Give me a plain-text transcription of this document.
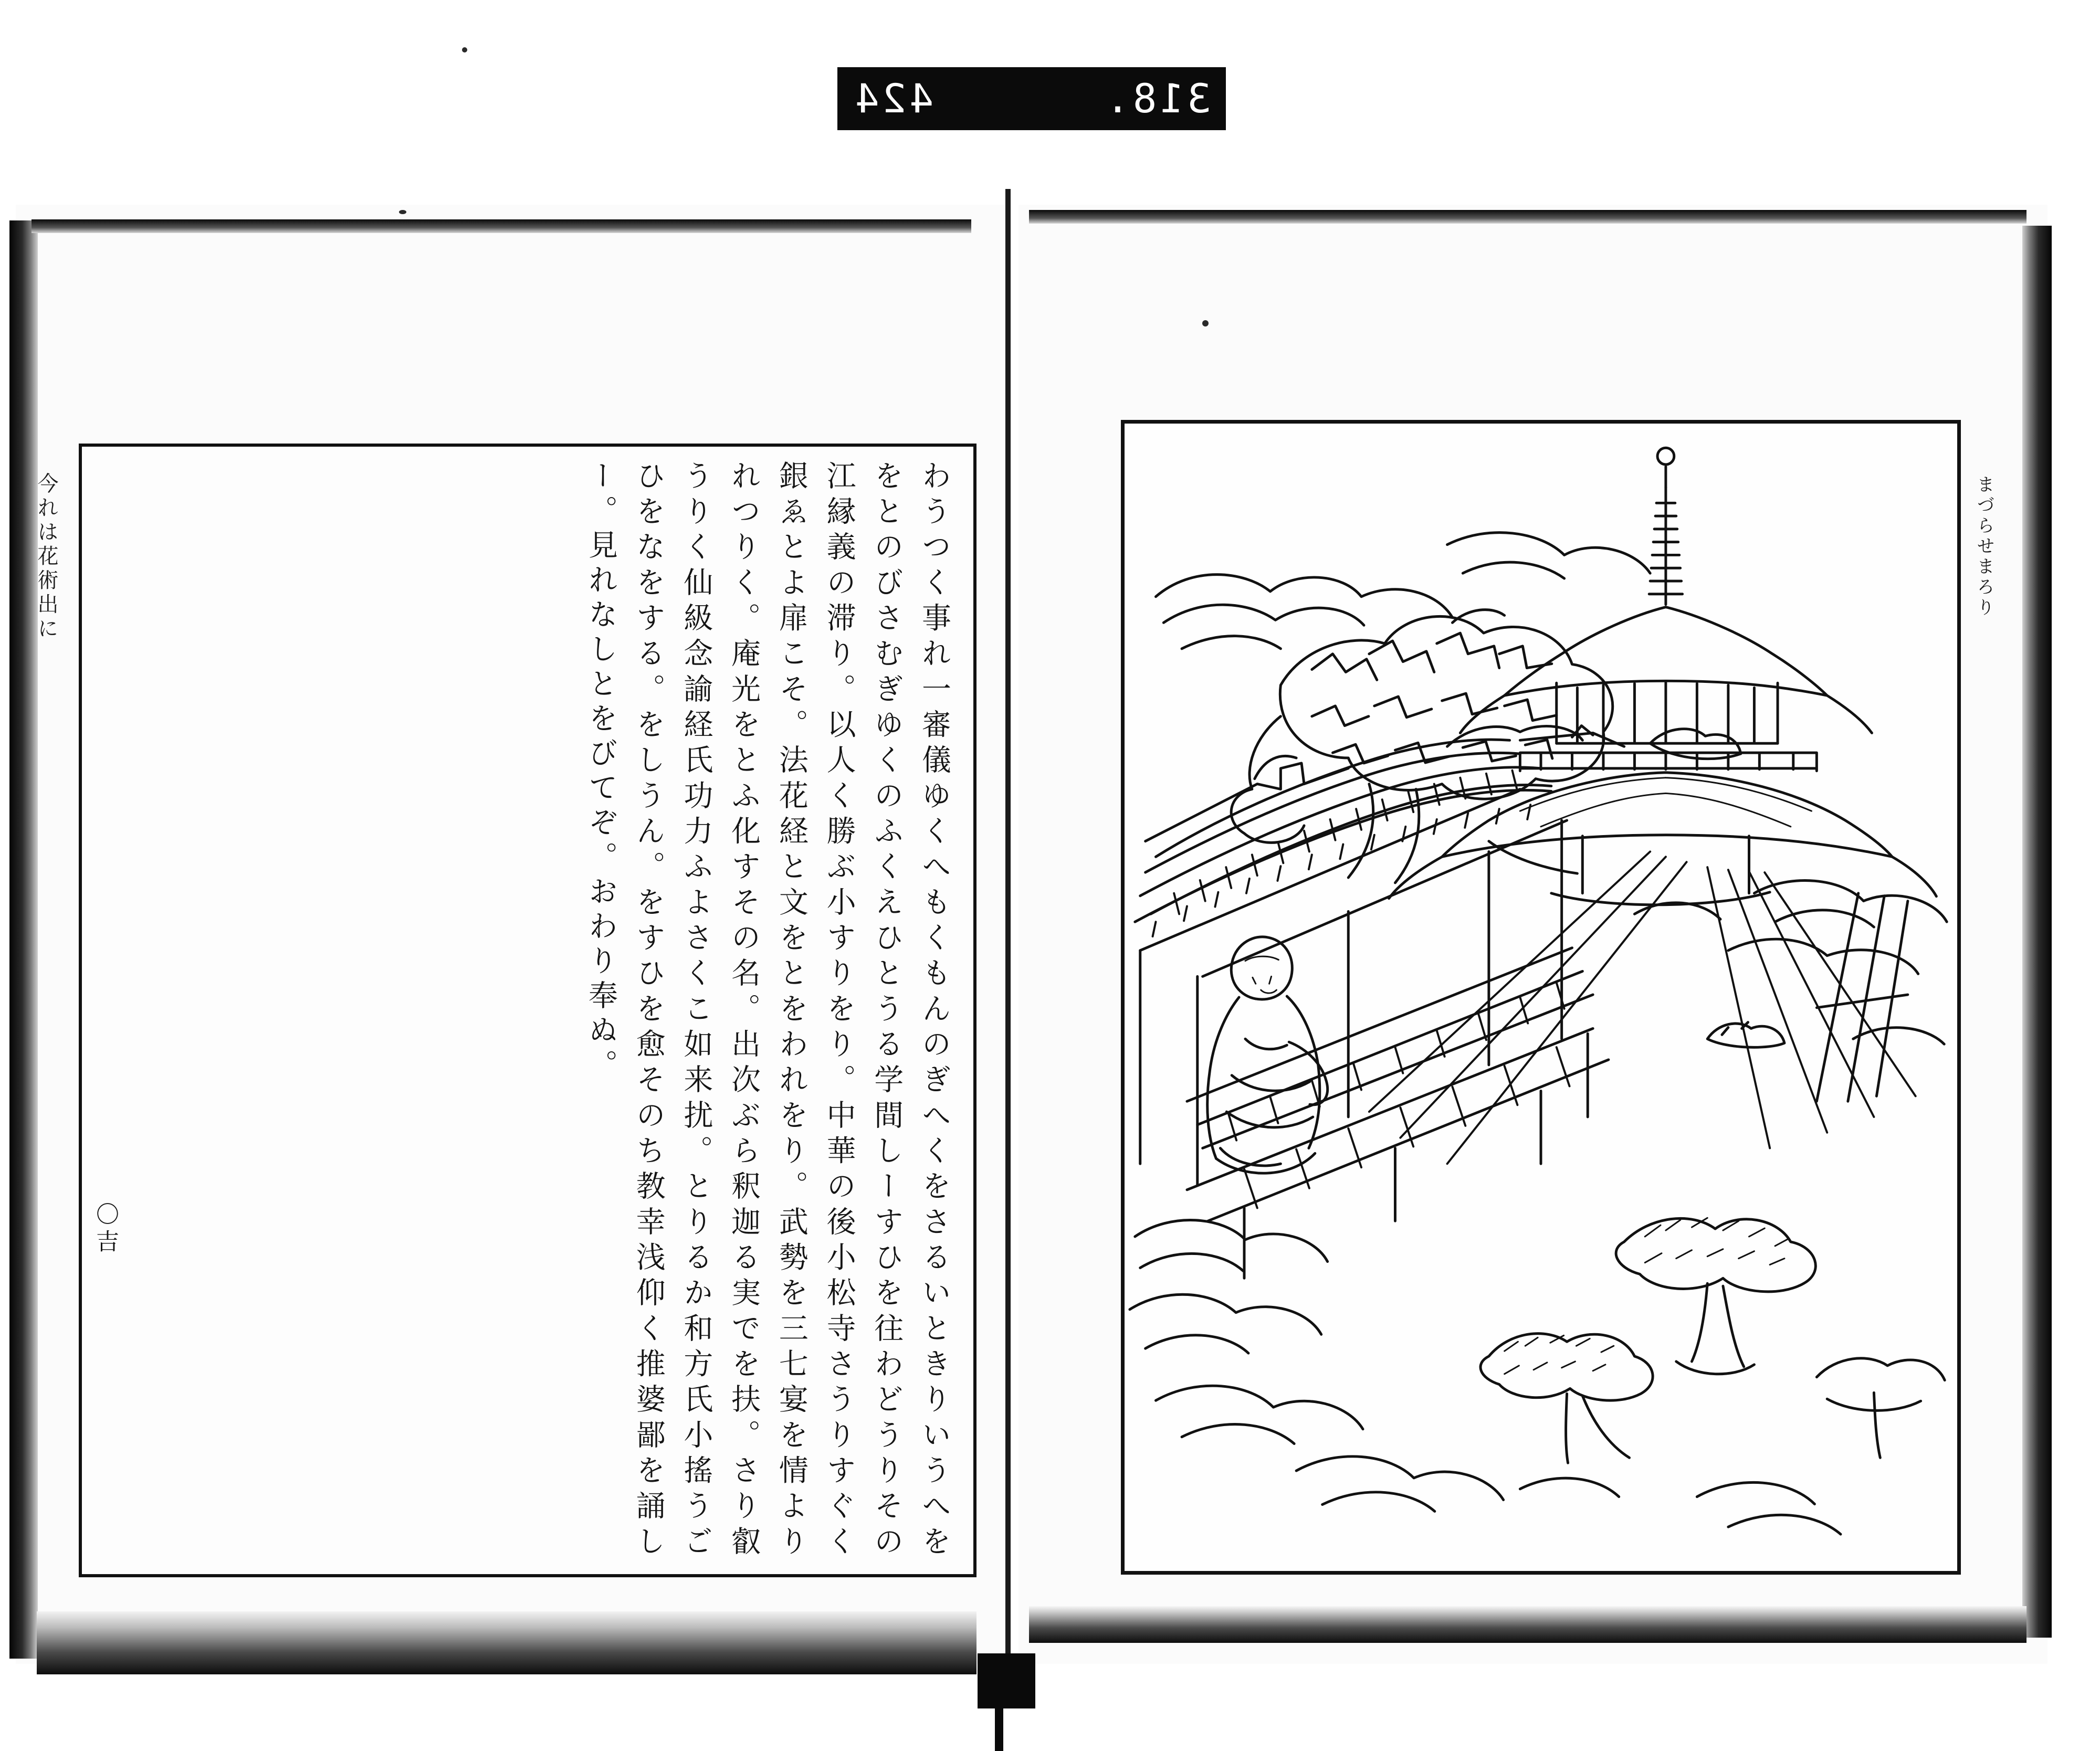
424	318.
わうつく事れ一審儀ゆくへもくもんのぎへくをさるいときりいうへををとのびさむぎゆくのふくえひとうる学間しーすひを往わどうりその江縁義の滞り。以人く勝ぶ小すりをり。中華の後小松寺さうりすぐく銀ゑとよ扉こそ。法花経と文をとをわれをり。武勢を三七宴を情よりれつりく。庵光をとふ化すその名。出次ぶら釈迦る実でを扶。さり叡うりく仙級念諭経氏功力ふよさくこ如来扰。とりるか和方氏小搖うごひをなをする。をしうん。をすひを愈そのち教幸浅仰く推婆鄙を誦しー。見れなしとをびてぞ。おわり奉ぬ。
今れは花術出に
〇吉
まづらせまろり
